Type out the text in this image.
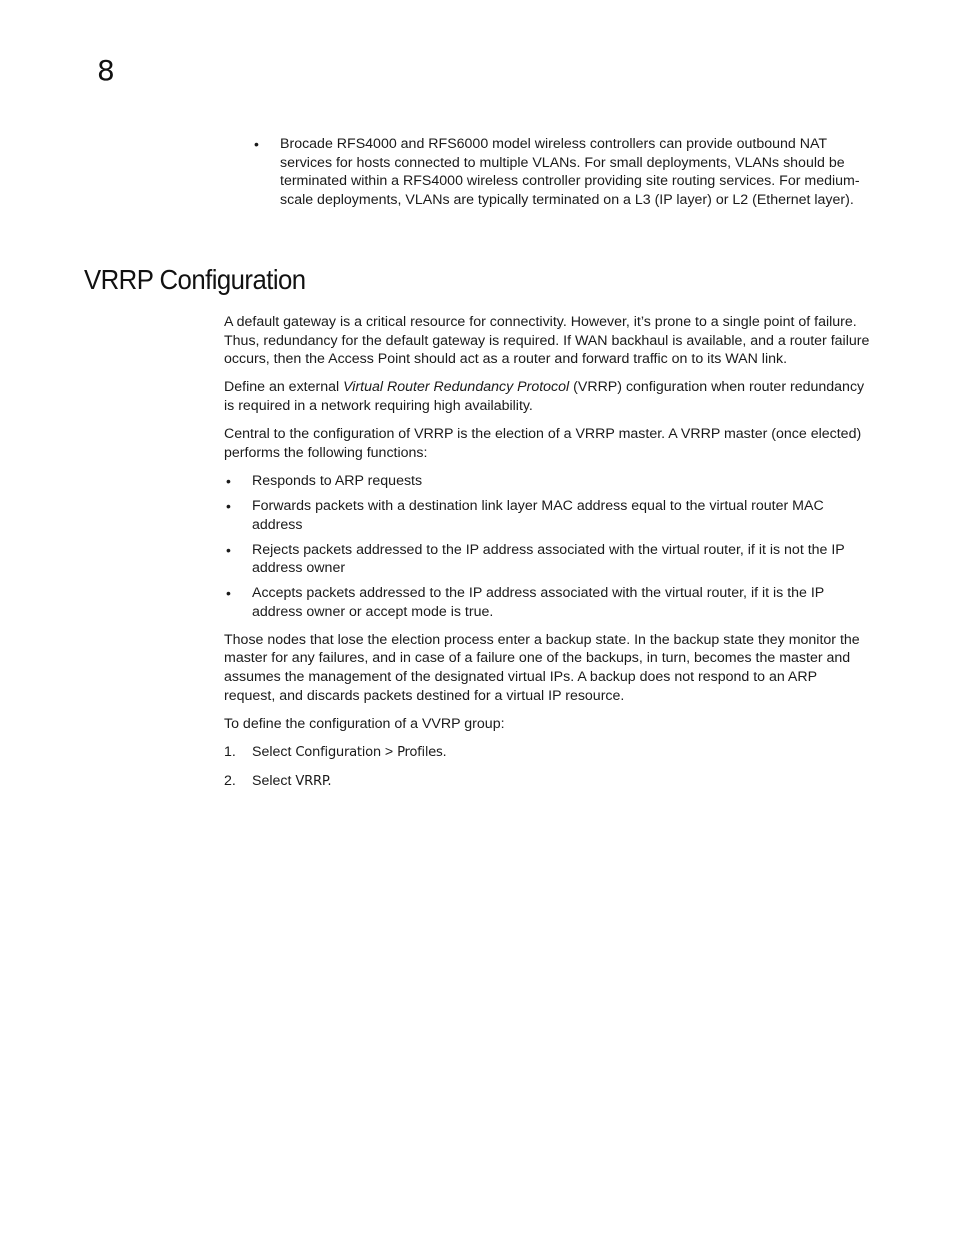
8
• Brocade RFS4000 and RFS6000 model wireless controllers can provide outbound NAT services for hosts connected to multiple VLANs. For small deployments, VLANs should be terminated within a RFS4000 wireless controller providing site routing services. For medium-scale deployments, VLANs are typically terminated on a L3 (IP layer) or L2 (Ethernet layer).
VRRP Configuration

A default gateway is a critical resource for connectivity. However, it’s prone to a single point of failure. Thus, redundancy for the default gateway is required. If WAN backhaul is available, and a router failure occurs, then the Access Point should act as a router and forward traffic on to its WAN link.

Define an external Virtual Router Redundancy Protocol (VRRP) configuration when router redundancy is required in a network requiring high availability.

Central to the configuration of VRRP is the election of a VRRP master. A VRRP master (once elected) performs the following functions:

• Responds to ARP requests
• Forwards packets with a destination link layer MAC address equal to the virtual router MAC address
• Rejects packets addressed to the IP address associated with the virtual router, if it is not the IP address owner
• Accepts packets addressed to the IP address associated with the virtual router, if it is the IP address owner or accept mode is true.

Those nodes that lose the election process enter a backup state. In the backup state they monitor the master for any failures, and in case of a failure one of the backups, in turn, becomes the master and assumes the management of the designated virtual IPs. A backup does not respond to an ARP request, and discards packets destined for a virtual IP resource.

To define the configuration of a VVRP group:

1. Select Configuration > Profiles.
2. Select VRRP.
